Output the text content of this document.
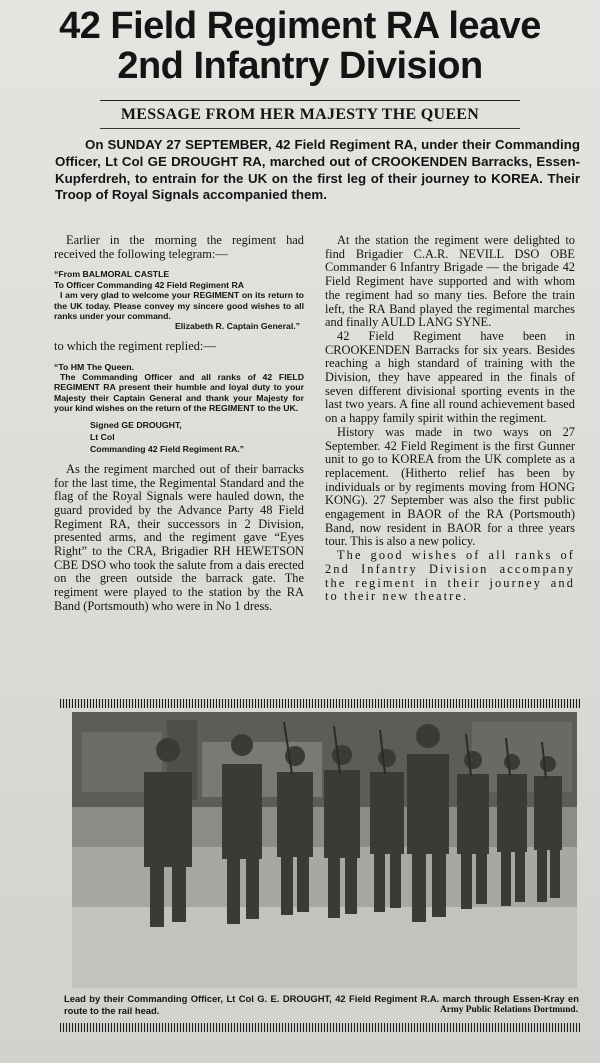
42 Field Regiment RA leave 2nd Infantry Division
MESSAGE FROM HER MAJESTY THE QUEEN

On SUNDAY 27 SEPTEMBER, 42 Field Regiment RA, under their Commanding Officer, Lt Col GE DROUGHT RA, marched out of CROOKENDEN Barracks, Essen-Kupferdreh, to entrain for the UK on the first leg of their journey to KOREA. Their Troop of Royal Signals accompanied them.

Earlier in the morning the regiment had received the following telegram:—

“From BALMORAL CASTLE
To Officer Commanding 42 Field Regiment RA
I am very glad to welcome your REGIMENT on its return to the UK today. Please convey my sincere good wishes to all ranks under your command.
Elizabeth R. Captain General.”

to which the regiment replied:—

“To HM The Queen.
The Commanding Officer and all ranks of 42 FIELD REGIMENT RA present their humble and loyal duty to your Majesty their Captain General and thank your Majesty for your kind wishes on the return of the REGIMENT to the UK.
Signed GE DROUGHT,
Lt Col
Commanding 42 Field Regiment RA.”

As the regiment marched out of their barracks for the last time, the Regimental Standard and the flag of the Royal Signals were hauled down, the guard provided by the Advance Party 48 Field Regiment RA, their successors in 2 Division, presented arms, and the regiment gave “Eyes Right” to the CRA, Brigadier RH HEWETSON CBE DSO who took the salute from a dais erected on the green outside the barrack gate. The regiment were played to the station by the RA Band (Portsmouth) who were in No 1 dress.

At the station the regiment were delighted to find Brigadier C.A.R. NEVILL DSO OBE Commander 6 Infantry Brigade — the brigade 42 Field Regiment have supported and with whom the regiment had so many ties. Before the train left, the RA Band played the regimental marches and finally AULD LANG SYNE.

42 Field Regiment have been in CROOKENDEN Barracks for six years. Besides reaching a high standard of training with the Division, they have appeared in the finals of seven different divisional sporting events in the last two years. A fine all round achievement based on a happy family spirit within the regiment.

History was made in two ways on 27 September. 42 Field Regiment is the first Gunner unit to go to KOREA from the UK complete as a replacement. (Hitherto relief has been by individuals or by regiments moving from HONG KONG). 27 September was also the first public engagement in BAOR of the RA (Portsmouth) Band, now resident in BAOR for a three years tour. This is also a new policy.

The good wishes of all ranks of 2nd Infantry Division accompany the regiment in their journey and to their new theatre.

Lead by their Commanding Officer, Lt Col G. E. DROUGHT, 42 Field Regiment R.A. march through Essen-Kray en route to the rail head.	Army Public Relations Dortmund.
